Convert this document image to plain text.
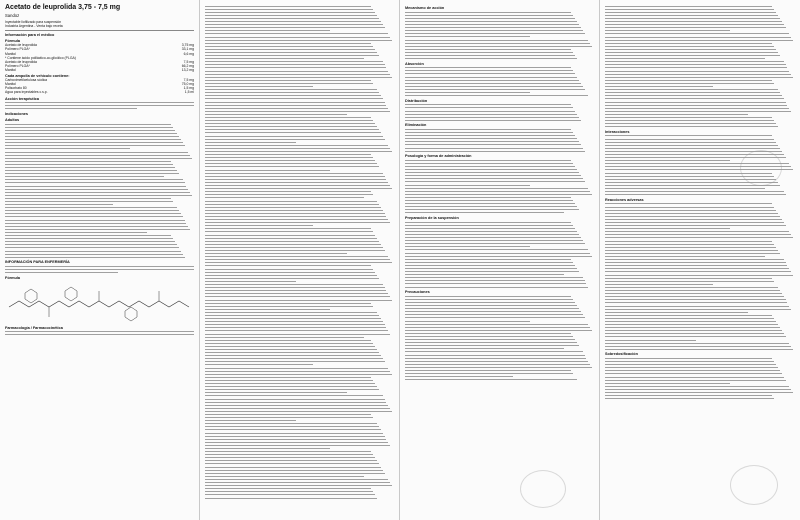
Acetato de leuprolida 3,75 - 7,5 mg
Sandoz
Inyectable liofilizado para suspensión
Industria Argentina - Venta bajo receta
Información para el médico
Fórmula
Acetato de leuprolida	3,75 mg
Polímero PLGA*	33,1 mg
Manitol	6,6 mg
* Contiene ácido poliláctico-co-glicólico (PLGA)
Acetato de leuprolida	7,5 mg
Polímero PLGA*	66,2 mg
Manitol	13,2 mg
Cada ampolla de vehículo contiene:
Carboximetilcelulosa sódica	7,5 mg
Manitol	75,0 mg
Polisorbato 80	1,5 mg
Agua para inyectables c.s.p.	1,5 ml
Acción terapéutica
Indicaciones
Adultos
INFORMACIÓN PARA ENFERMERÍA
Fórmula
Farmacología / Farmacocinética
Mecanismo de acción
Absorción
Distribución
Eliminación
Posología y forma de administración
Preparación de la suspensión
Precauciones
Interacciones
Reacciones adversas
Sobredosificación
